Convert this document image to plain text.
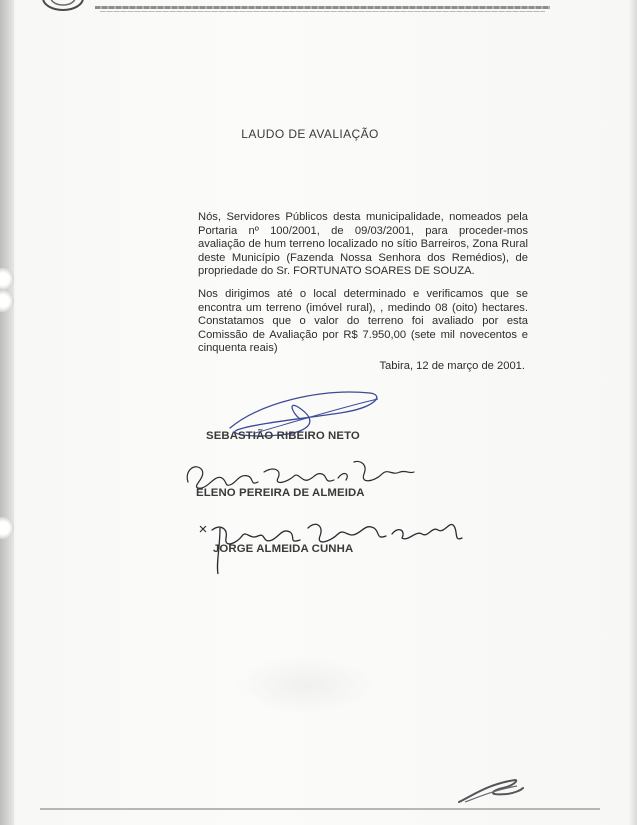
LAUDO DE AVALIAÇÃO
Nós, Servidores Públicos desta municipalidade, nomeados pela Portaria nº 100/2001, de 09/03/2001, para proceder-mos avaliação de hum terreno localizado no sítio Barreiros, Zona Rural deste Município (Fazenda Nossa Senhora dos Remédios), de propriedade do Sr. FORTUNATO SOARES DE SOUZA.
Nos dirigimos até o local determinado e verificamos que se encontra um terreno (imóvel rural), , medindo 08 (oito) hectares. Constatamos que o valor do terreno foi avaliado por esta Comissão de Avaliação por R$ 7.950,00 (sete mil novecentos e cinquenta reais)
Tabira, 12 de março de 2001.
SEBASTIÃO RIBEIRO NETO
ELENO PEREIRA DE ALMEIDA
JORGE ALMEIDA CUNHA
